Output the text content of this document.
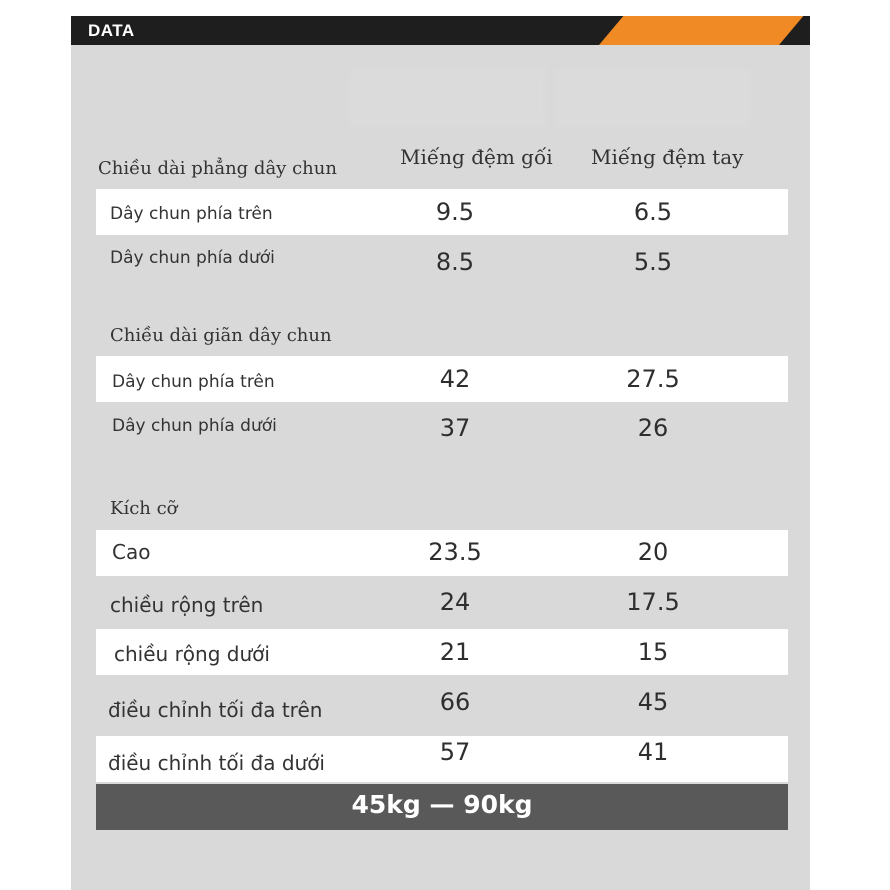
DATA
Miếng đệm gối Miếng đệm tay
Chiều dài phẳng dây chun
Dây chun phía trên	9.5	6.5
Dây chun phía dưới	8.5	5.5
Chiều dài giãn dây chun
Dây chun phía trên	42	27.5
Dây chun phía dưới	37	26
Kích cỡ
Cao	23.5	20
chiều rộng trên	24	17.5
chiều rộng dưới	21	15
điều chỉnh tối đa trên	66	45
điều chỉnh tối đa dưới	57	41
45kg — 90kg
